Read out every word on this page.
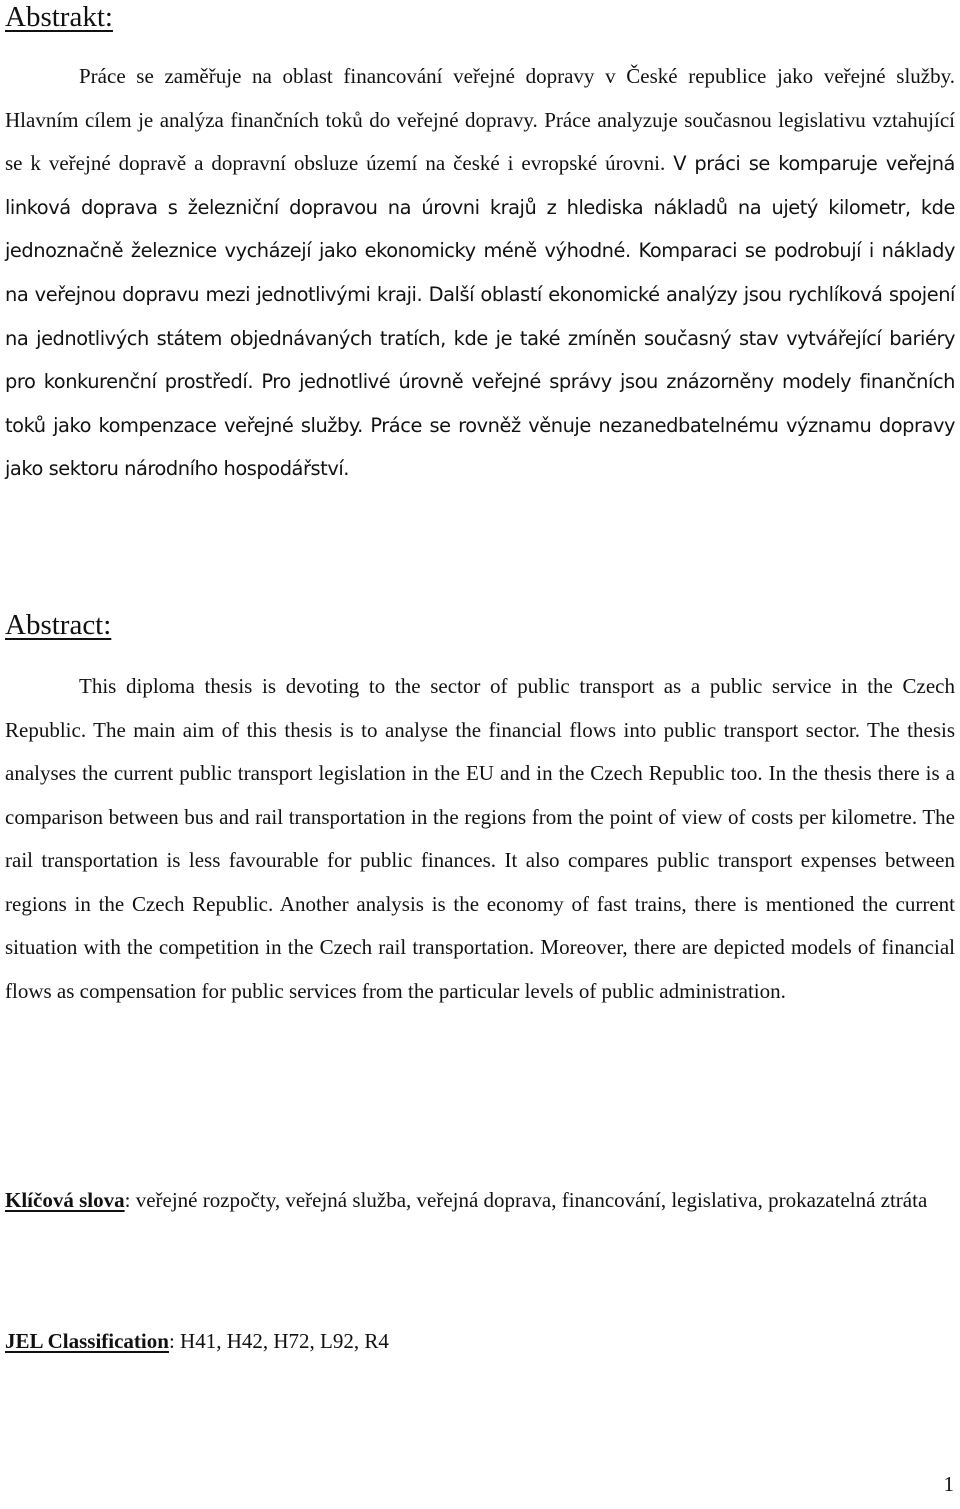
Abstrakt:

Práce se zaměřuje na oblast financování veřejné dopravy v České republice jako veřejné služby. Hlavním cílem je analýza finančních toků do veřejné dopravy. Práce analyzuje současnou legislativu vztahující se k veřejné dopravě a dopravní obsluze území na české i evropské úrovni. V práci se komparuje veřejná linková doprava s železniční dopravou na úrovni krajů z hlediska nákladů na ujetý kilometr, kde jednoznačně železnice vycházejí jako ekonomicky méně výhodné. Komparaci se podrobují i náklady na veřejnou dopravu mezi jednotlivými kraji. Další oblastí ekonomické analýzy jsou rychlíková spojení na jednotlivých státem objednávaných tratích, kde je také zmíněn současný stav vytvářející bariéry pro konkurenční prostředí. Pro jednotlivé úrovně veřejné správy jsou znázorněny modely finančních toků jako kompenzace veřejné služby. Práce se rovněž věnuje nezanedbatelnému významu dopravy jako sektoru národního hospodářství.

Abstract:

This diploma thesis is devoting to the sector of public transport as a public service in the Czech Republic. The main aim of this thesis is to analyse the financial flows into public transport sector. The thesis analyses the current public transport legislation in the EU and in the Czech Republic too. In the thesis there is a comparison between bus and rail transportation in the regions from the point of view of costs per kilometre. The rail transportation is less favourable for public finances. It also compares public transport expenses between regions in the Czech Republic. Another analysis is the economy of fast trains, there is mentioned the current situation with the competition in the Czech rail transportation. Moreover, there are depicted models of financial flows as compensation for public services from the particular levels of public administration.

Klíčová slova: veřejné rozpočty, veřejná služba, veřejná doprava, financování, legislativa, prokazatelná ztráta

JEL Classification: H41, H42, H72, L92, R4

1
